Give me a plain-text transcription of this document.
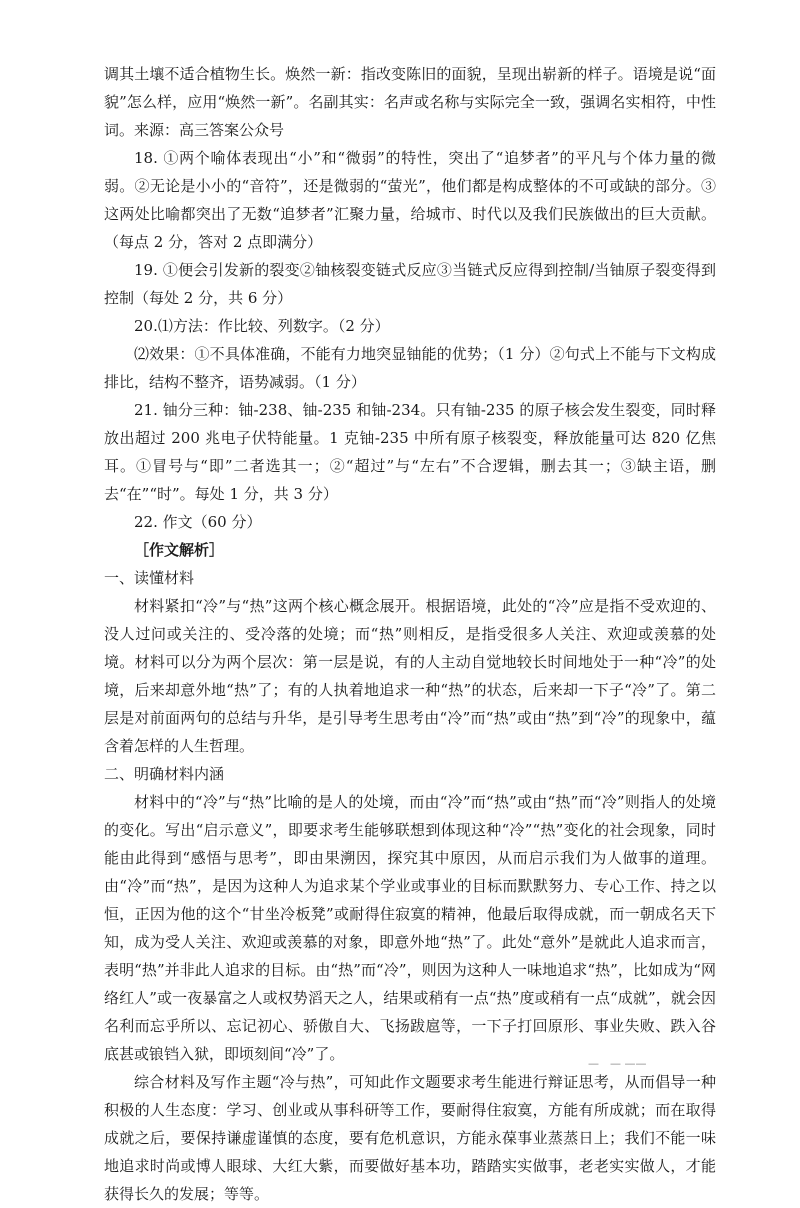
调其土壤不适合植物生长。焕然一新：指改变陈旧的面貌，呈现出崭新的样子。语境是说“面貌”怎么样，应用“焕然一新”。名副其实：名声或名称与实际完全一致，强调名实相符，中性词。来源：高三答案公众号

18. ①两个喻体表现出“小”和“微弱”的特性，突出了“追梦者”的平凡与个体力量的微弱。②无论是小小的“音符”，还是微弱的“萤光”，他们都是构成整体的不可或缺的部分。③这两处比喻都突出了无数“追梦者”汇聚力量，给城市、时代以及我们民族做出的巨大贡献。（每点 2 分，答对 2 点即满分）

19. ①便会引发新的裂变②铀核裂变链式反应③当链式反应得到控制/当铀原子裂变得到控制（每处 2 分，共 6 分）

20.⑴方法：作比较、列数字。（2 分）

⑵效果：①不具体准确，不能有力地突显铀能的优势；（1 分）②句式上不能与下文构成排比，结构不整齐，语势减弱。（1 分）

21. 铀分三种：铀-238、铀-235 和铀-234。只有铀-235 的原子核会发生裂变，同时释放出超过 200 兆电子伏特能量。1 克铀-235 中所有原子核裂变，释放能量可达 820 亿焦耳。①冒号与“即”二者选其一；②“超过”与“左右”不合逻辑，删去其一；③缺主语，删去“在”“时”。每处 1 分，共 3 分）

22. 作文（60 分）

［作文解析］

一、读懂材料

材料紧扣“冷”与“热”这两个核心概念展开。根据语境，此处的“冷”应是指不受欢迎的、没人过问或关注的、受冷落的处境；而“热”则相反，是指受很多人关注、欢迎或羡慕的处境。材料可以分为两个层次：第一层是说，有的人主动自觉地较长时间地处于一种“冷”的处境，后来却意外地“热”了；有的人执着地追求一种“热”的状态，后来却一下子“冷”了。第二层是对前面两句的总结与升华，是引导考生思考由“冷”而“热”或由“热”到“冷”的现象中，蕴含着怎样的人生哲理。

二、明确材料内涵

材料中的“冷”与“热”比喻的是人的处境，而由“冷”而“热”或由“热”而“冷”则指人的处境的变化。写出“启示意义”，即要求考生能够联想到体现这种“冷”“热”变化的社会现象，同时能由此得到“感悟与思考”，即由果溯因，探究其中原因，从而启示我们为人做事的道理。由“冷”而“热”，是因为这种人为追求某个学业或事业的目标而默默努力、专心工作、持之以恒，正因为他的这个“甘坐冷板凳”或耐得住寂寞的精神，他最后取得成就，而一朝成名天下知，成为受人关注、欢迎或羡慕的对象，即意外地“热”了。此处“意外”是就此人追求而言，表明“热”并非此人追求的目标。由“热”而“冷”，则因为这种人一味地追求“热”，比如成为“网络红人”或一夜暴富之人或权势滔天之人，结果或稍有一点“热”度或稍有一点“成就”，就会因名利而忘乎所以、忘记初心、骄傲自大、飞扬跋扈等，一下子打回原形、事业失败、跌入谷底甚或锒铛入狱，即顷刻间“冷”了。

综合材料及写作主题“冷与热”，可知此作文题要求考生能进行辩证思考，从而倡导一种积极的人生态度：学习、创业或从事科研等工作，要耐得住寂寞，方能有所成就；而在取得成就之后，要保持谦虚谨慎的态度，要有危机意识，方能永葆事业蒸蒸日上；我们不能一味地追求时尚或博人眼球、大红大紫，而要做好基本功，踏踏实实做事，老老实实做人，才能获得长久的发展；等等。

—　— ——
